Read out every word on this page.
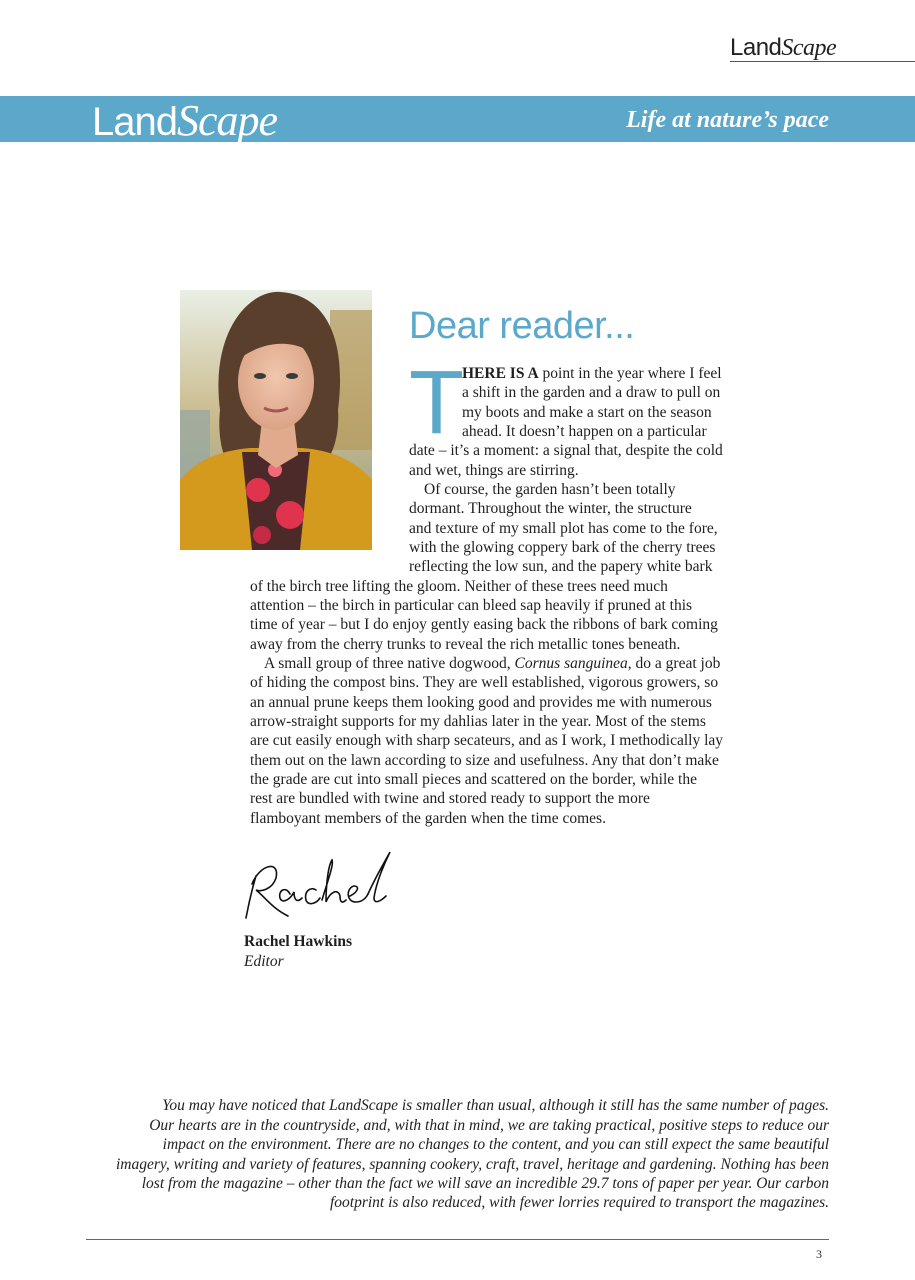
LandScape
LandScape	Life at nature’s pace
Dear reader...
T
HERE IS A point in the year where I feel
a shift in the garden and a draw to pull on
my boots and make a start on the season
ahead. It doesn’t happen on a particular
date – it’s a moment: a signal that, despite the cold
and wet, things are stirring.
Of course, the garden hasn’t been totally
dormant. Throughout the winter, the structure
and texture of my small plot has come to the fore,
with the glowing coppery bark of the cherry trees
reflecting the low sun, and the papery white bark
of the birch tree lifting the gloom. Neither of these trees need much
attention – the birch in particular can bleed sap heavily if pruned at this
time of year – but I do enjoy gently easing back the ribbons of bark coming
away from the cherry trunks to reveal the rich metallic tones beneath.
A small group of three native dogwood, Cornus sanguinea, do a great job
of hiding the compost bins. They are well established, vigorous growers, so
an annual prune keeps them looking good and provides me with numerous
arrow-straight supports for my dahlias later in the year. Most of the stems
are cut easily enough with sharp secateurs, and as I work, I methodically lay
them out on the lawn according to size and usefulness. Any that don’t make
the grade are cut into small pieces and scattered on the border, while the
rest are bundled with twine and stored ready to support the more
flamboyant members of the garden when the time comes.
Rachel Hawkins
Editor
You may have noticed that LandScape is smaller than usual, although it still has the same number of pages.
Our hearts are in the countryside, and, with that in mind, we are taking practical, positive steps to reduce our
impact on the environment. There are no changes to the content, and you can still expect the same beautiful
imagery, writing and variety of features, spanning cookery, craft, travel, heritage and gardening. Nothing has been
lost from the magazine – other than the fact we will save an incredible 29.7 tons of paper per year. Our carbon
footprint is also reduced, with fewer lorries required to transport the magazines.
3
